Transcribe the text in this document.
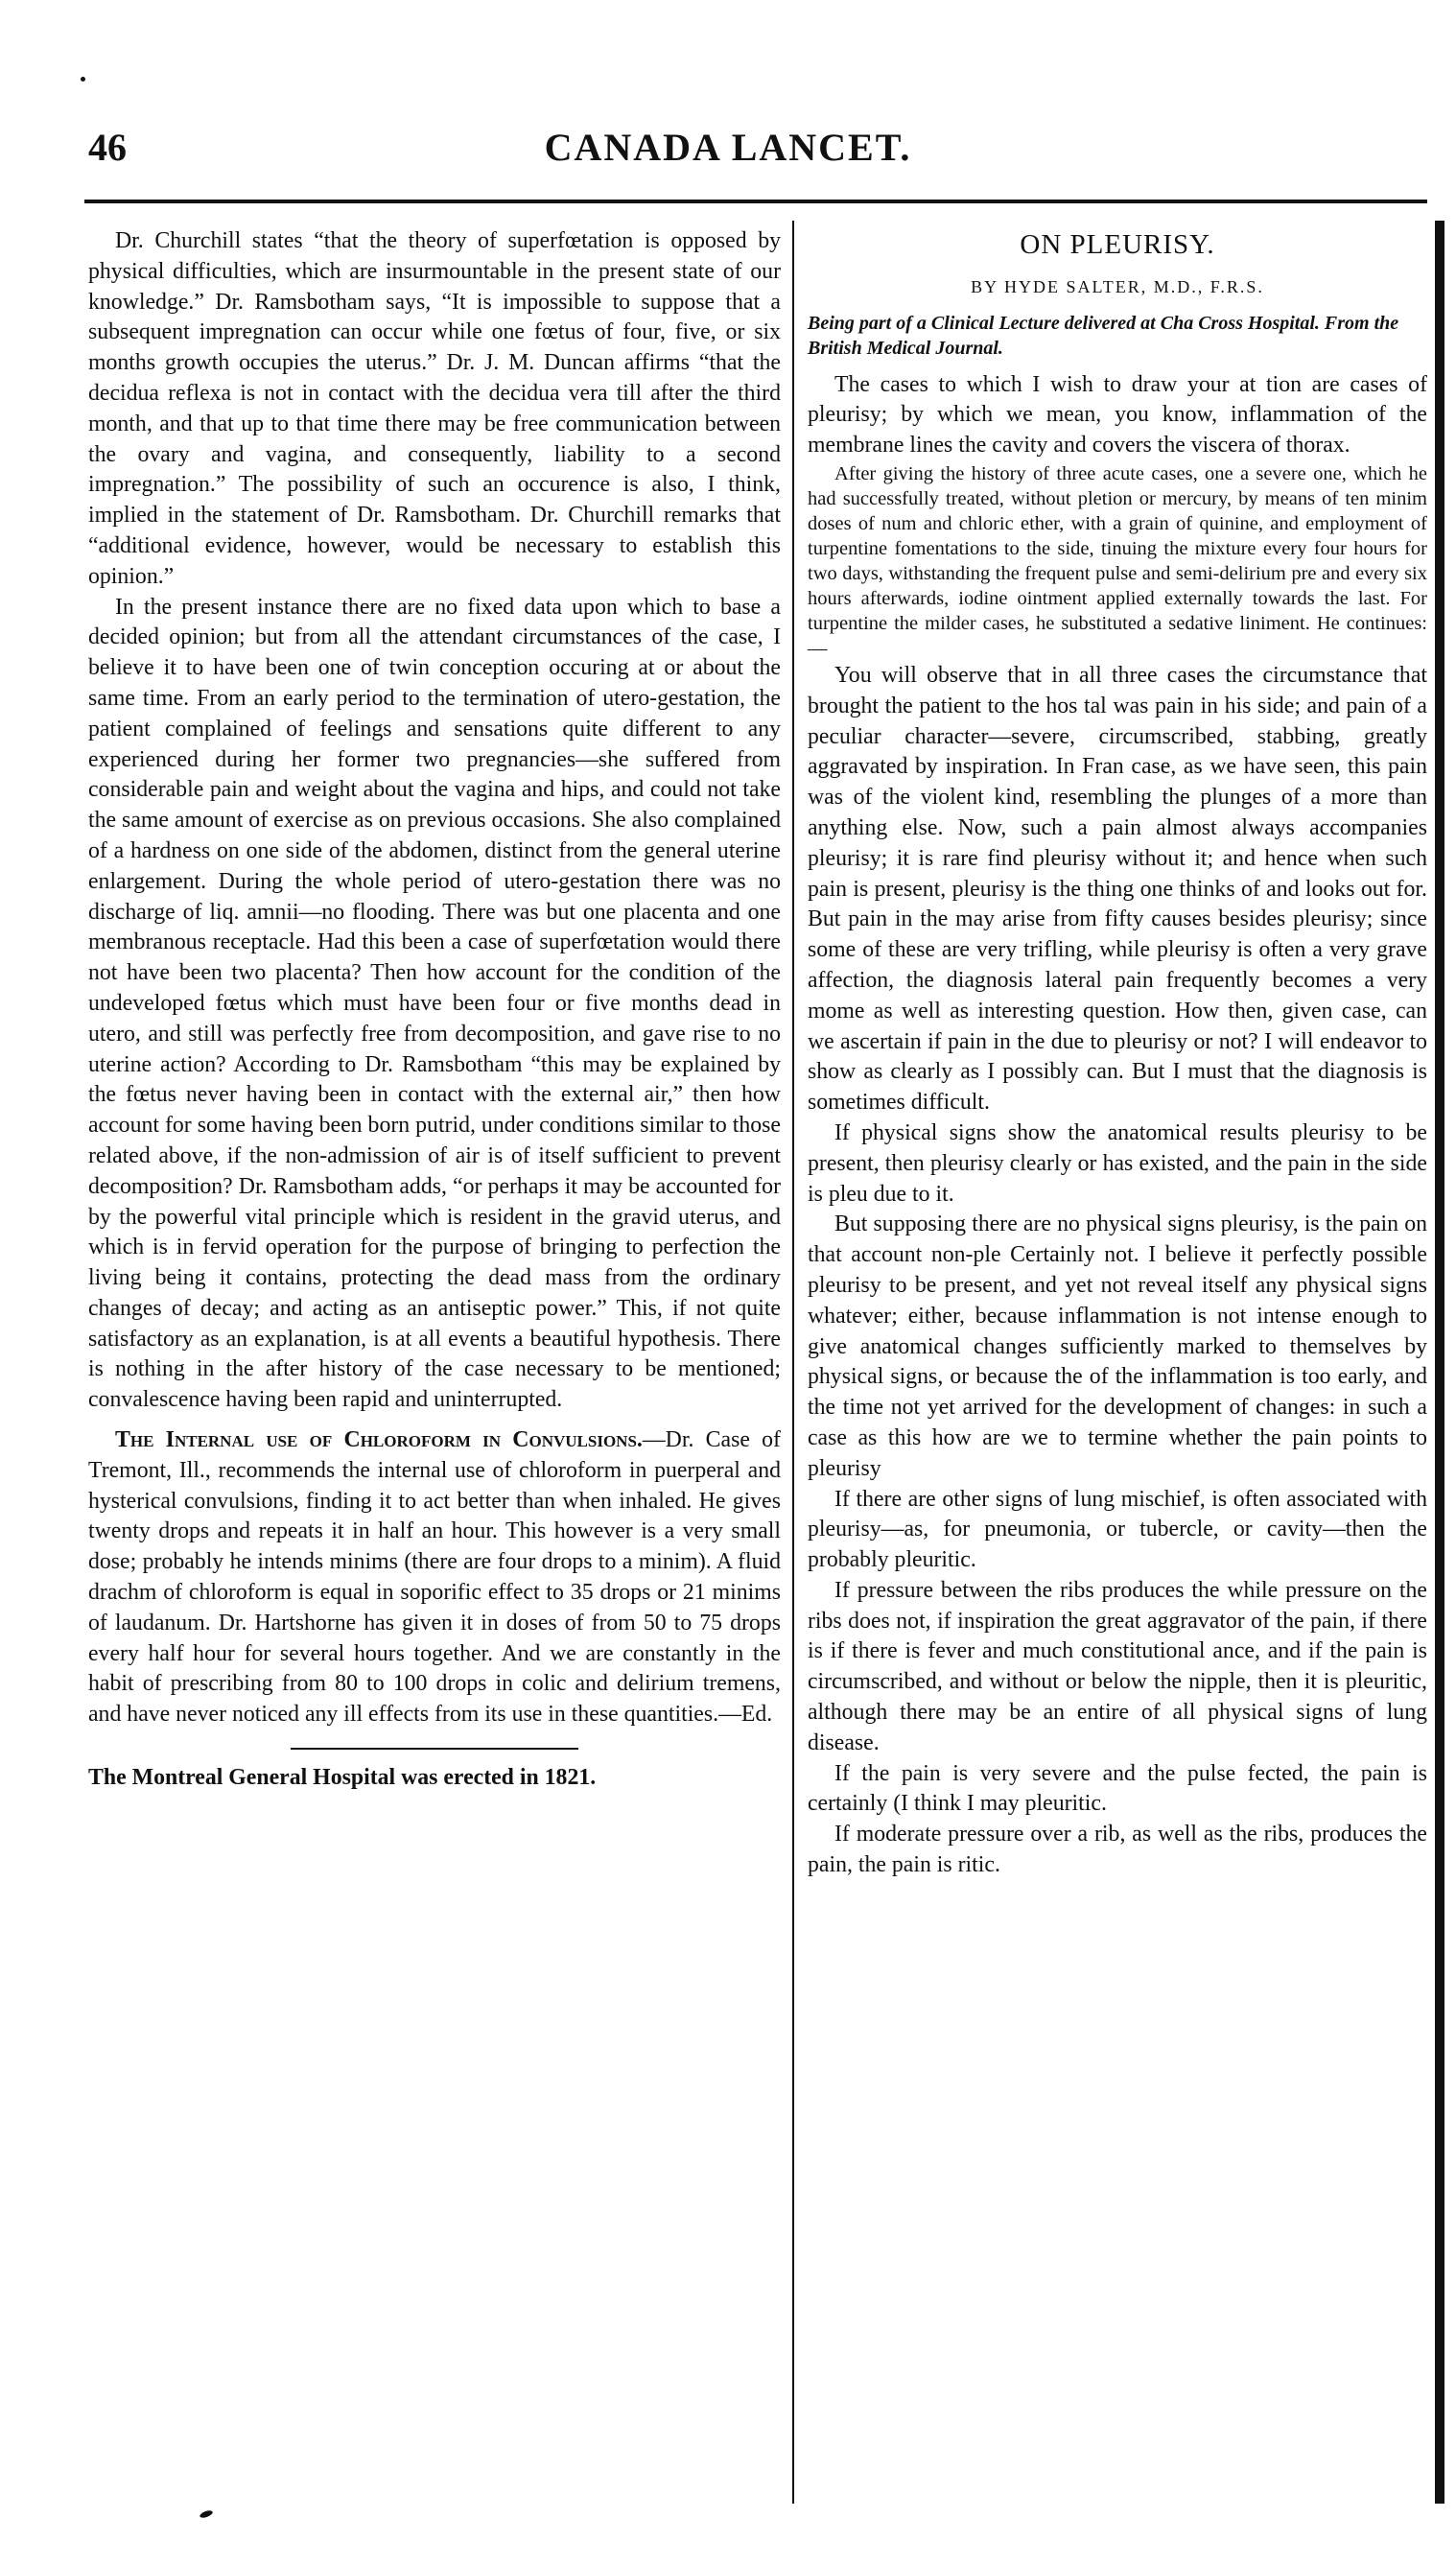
46	CANADA LANCET.

Dr. Churchill states “that the theory of superfœtation is opposed by physical difficulties, which are insurmountable in the present state of our knowledge.” Dr. Ramsbotham says, “It is impossible to suppose that a subsequent impregnation can occur while one fœtus of four, five, or six months growth occupies the uterus.” Dr. J. M. Duncan affirms “that the decidua reflexa is not in contact with the decidua vera till after the third month, and that up to that time there may be free communication between the ovary and vagina, and consequently, liability to a second impregnation.” The possibility of such an occurence is also, I think, implied in the statement of Dr. Ramsbotham. Dr. Churchill remarks that “additional evidence, however, would be necessary to establish this opinion.”

In the present instance there are no fixed data upon which to base a decided opinion; but from all the attendant circumstances of the case, I believe it to have been one of twin conception occuring at or about the same time. From an early period to the termination of utero-gestation, the patient complained of feelings and sensations quite different to any experienced during her former two pregnancies—she suffered from considerable pain and weight about the vagina and hips, and could not take the same amount of exercise as on previous occasions. She also complained of a hardness on one side of the abdomen, distinct from the general uterine enlargement. During the whole period of utero-gestation there was no discharge of liq. amnii—no flooding. There was but one placenta and one membranous receptacle. Had this been a case of superfœtation would there not have been two placenta? Then how account for the condition of the undeveloped fœtus which must have been four or five months dead in utero, and still was perfectly free from decomposition, and gave rise to no uterine action? According to Dr. Ramsbotham “this may be explained by the fœtus never having been in contact with the external air,” then how account for some having been born putrid, under conditions similar to those related above, if the non-admission of air is of itself sufficient to prevent decomposition? Dr. Ramsbotham adds, “or perhaps it may be accounted for by the powerful vital principle which is resident in the gravid uterus, and which is in fervid operation for the purpose of bringing to perfection the living being it contains, protecting the dead mass from the ordinary changes of decay; and acting as an antiseptic power.” This, if not quite satisfactory as an explanation, is at all events a beautiful hypothesis. There is nothing in the after history of the case necessary to be mentioned; convalescence having been rapid and uninterrupted.

The Internal use of Chloroform in Convulsions.—Dr. Case of Tremont, Ill., recommends the internal use of chloroform in puerperal and hysterical convulsions, finding it to act better than when inhaled. He gives twenty drops and repeats it in half an hour. This however is a very small dose; probably he intends minims (there are four drops to a minim). A fluid drachm of chloroform is equal in soporific effect to 35 drops or 21 minims of laudanum. Dr. Hartshorne has given it in doses of from 50 to 75 drops every half hour for several hours together. And we are constantly in the habit of prescribing from 80 to 100 drops in colic and delirium tremens, and have never noticed any ill effects from its use in these quantities.—Ed.

The Montreal General Hospital was erected in 1821.

ON PLEURISY.
BY HYDE SALTER, M.D., F.R.S.

Being part of a Clinical Lecture delivered at Cha Cross Hospital. From the British Medical Journal.

The cases to which I wish to draw your at tion are cases of pleurisy; by which we mean, you know, inflammation of the membrane lines the cavity and covers the viscera of thorax.

After giving the history of three acute cases, one a severe one, which he had successfully treated, without pletion or mercury, by means of ten minim doses of num and chloric ether, with a grain of quinine, and employment of turpentine fomentations to the side, tinuing the mixture every four hours for two days, withstanding the frequent pulse and semi-delirium pre and every six hours afterwards, iodine ointment applied externally towards the last. For turpentine the milder cases, he substituted a sedative liniment. He continues:—

You will observe that in all three cases the circumstance that brought the patient to the hos tal was pain in his side; and pain of a peculiar character—severe, circumscribed, stabbing, greatly aggravated by inspiration. In Fran case, as we have seen, this pain was of the violent kind, resembling the plunges of a more than anything else. Now, such a pain almost always accompanies pleurisy; it is rare find pleurisy without it; and hence when such pain is present, pleurisy is the thing one thinks of and looks out for. But pain in the may arise from fifty causes besides pleurisy; since some of these are very trifling, while pleurisy is often a very grave affection, the diagnosis lateral pain frequently becomes a very mome as well as interesting question. How then, given case, can we ascertain if pain in the due to pleurisy or not? I will endeavor to show as clearly as I possibly can. But I must that the diagnosis is sometimes difficult.

If physical signs show the anatomical results pleurisy to be present, then pleurisy clearly or has existed, and the pain in the side is pleu due to it.

But supposing there are no physical signs pleurisy, is the pain on that account non-ple Certainly not. I believe it perfectly possible pleurisy to be present, and yet not reveal itself any physical signs whatever; either, because inflammation is not intense enough to give anatomical changes sufficiently marked to themselves by physical signs, or because the of the inflammation is too early, and the time not yet arrived for the development of changes: in such a case as this how are we to termine whether the pain points to pleurisy

If there are other signs of lung mischief, is often associated with pleurisy—as, for pneumonia, or tubercle, or cavity—then the probably pleuritic.

If pressure between the ribs produces the while pressure on the ribs does not, if inspiration the great aggravator of the pain, if there is if there is fever and much constitutional ance, and if the pain is circumscribed, and without or below the nipple, then it is pleuritic, although there may be an entire of all physical signs of lung disease.

If the pain is very severe and the pulse fected, the pain is certainly (I think I may pleuritic.

If moderate pressure over a rib, as well as the ribs, produces the pain, the pain is ritic.
